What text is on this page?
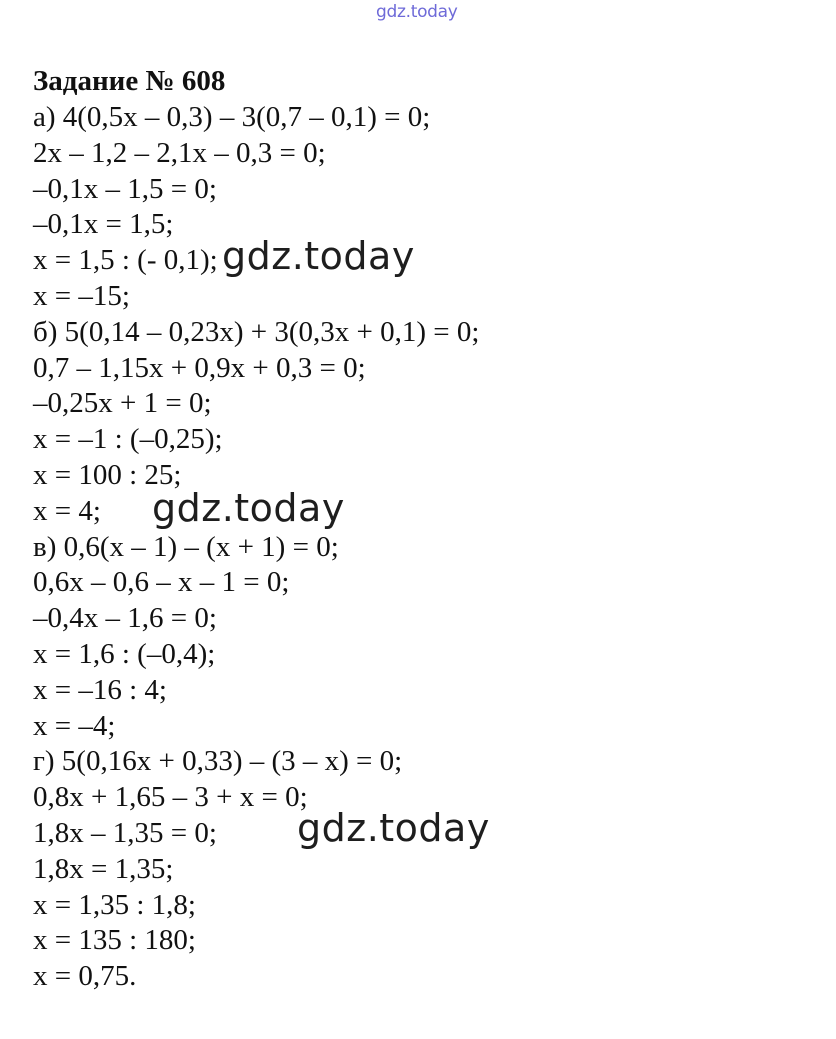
gdz.today
Задание № 608
а) 4(0,5х – 0,3) – 3(0,7 – 0,1) = 0;
2х – 1,2 – 2,1х – 0,3 = 0;
–0,1х – 1,5 = 0;
–0,1х = 1,5;
х = 1,5 : (- 0,1);
х = –15;
б) 5(0,14 – 0,23х) + 3(0,3х + 0,1) = 0;
0,7 – 1,15х + 0,9х + 0,3 = 0;
–0,25х + 1 = 0;
х = –1 : (–0,25);
х = 100 : 25;
х = 4;
в) 0,6(х – 1) – (х + 1) = 0;
0,6х – 0,6 – х – 1 = 0;
–0,4х – 1,6 = 0;
х = 1,6 : (–0,4);
х = –16 : 4;
х = –4;
г) 5(0,16х + 0,33) – (3 – х) = 0;
0,8х + 1,65 – 3 + х = 0;
1,8х – 1,35 = 0;
1,8х = 1,35;
х = 1,35 : 1,8;
х = 135 : 180;
х = 0,75.
gdz.today
gdz.today
gdz.today
